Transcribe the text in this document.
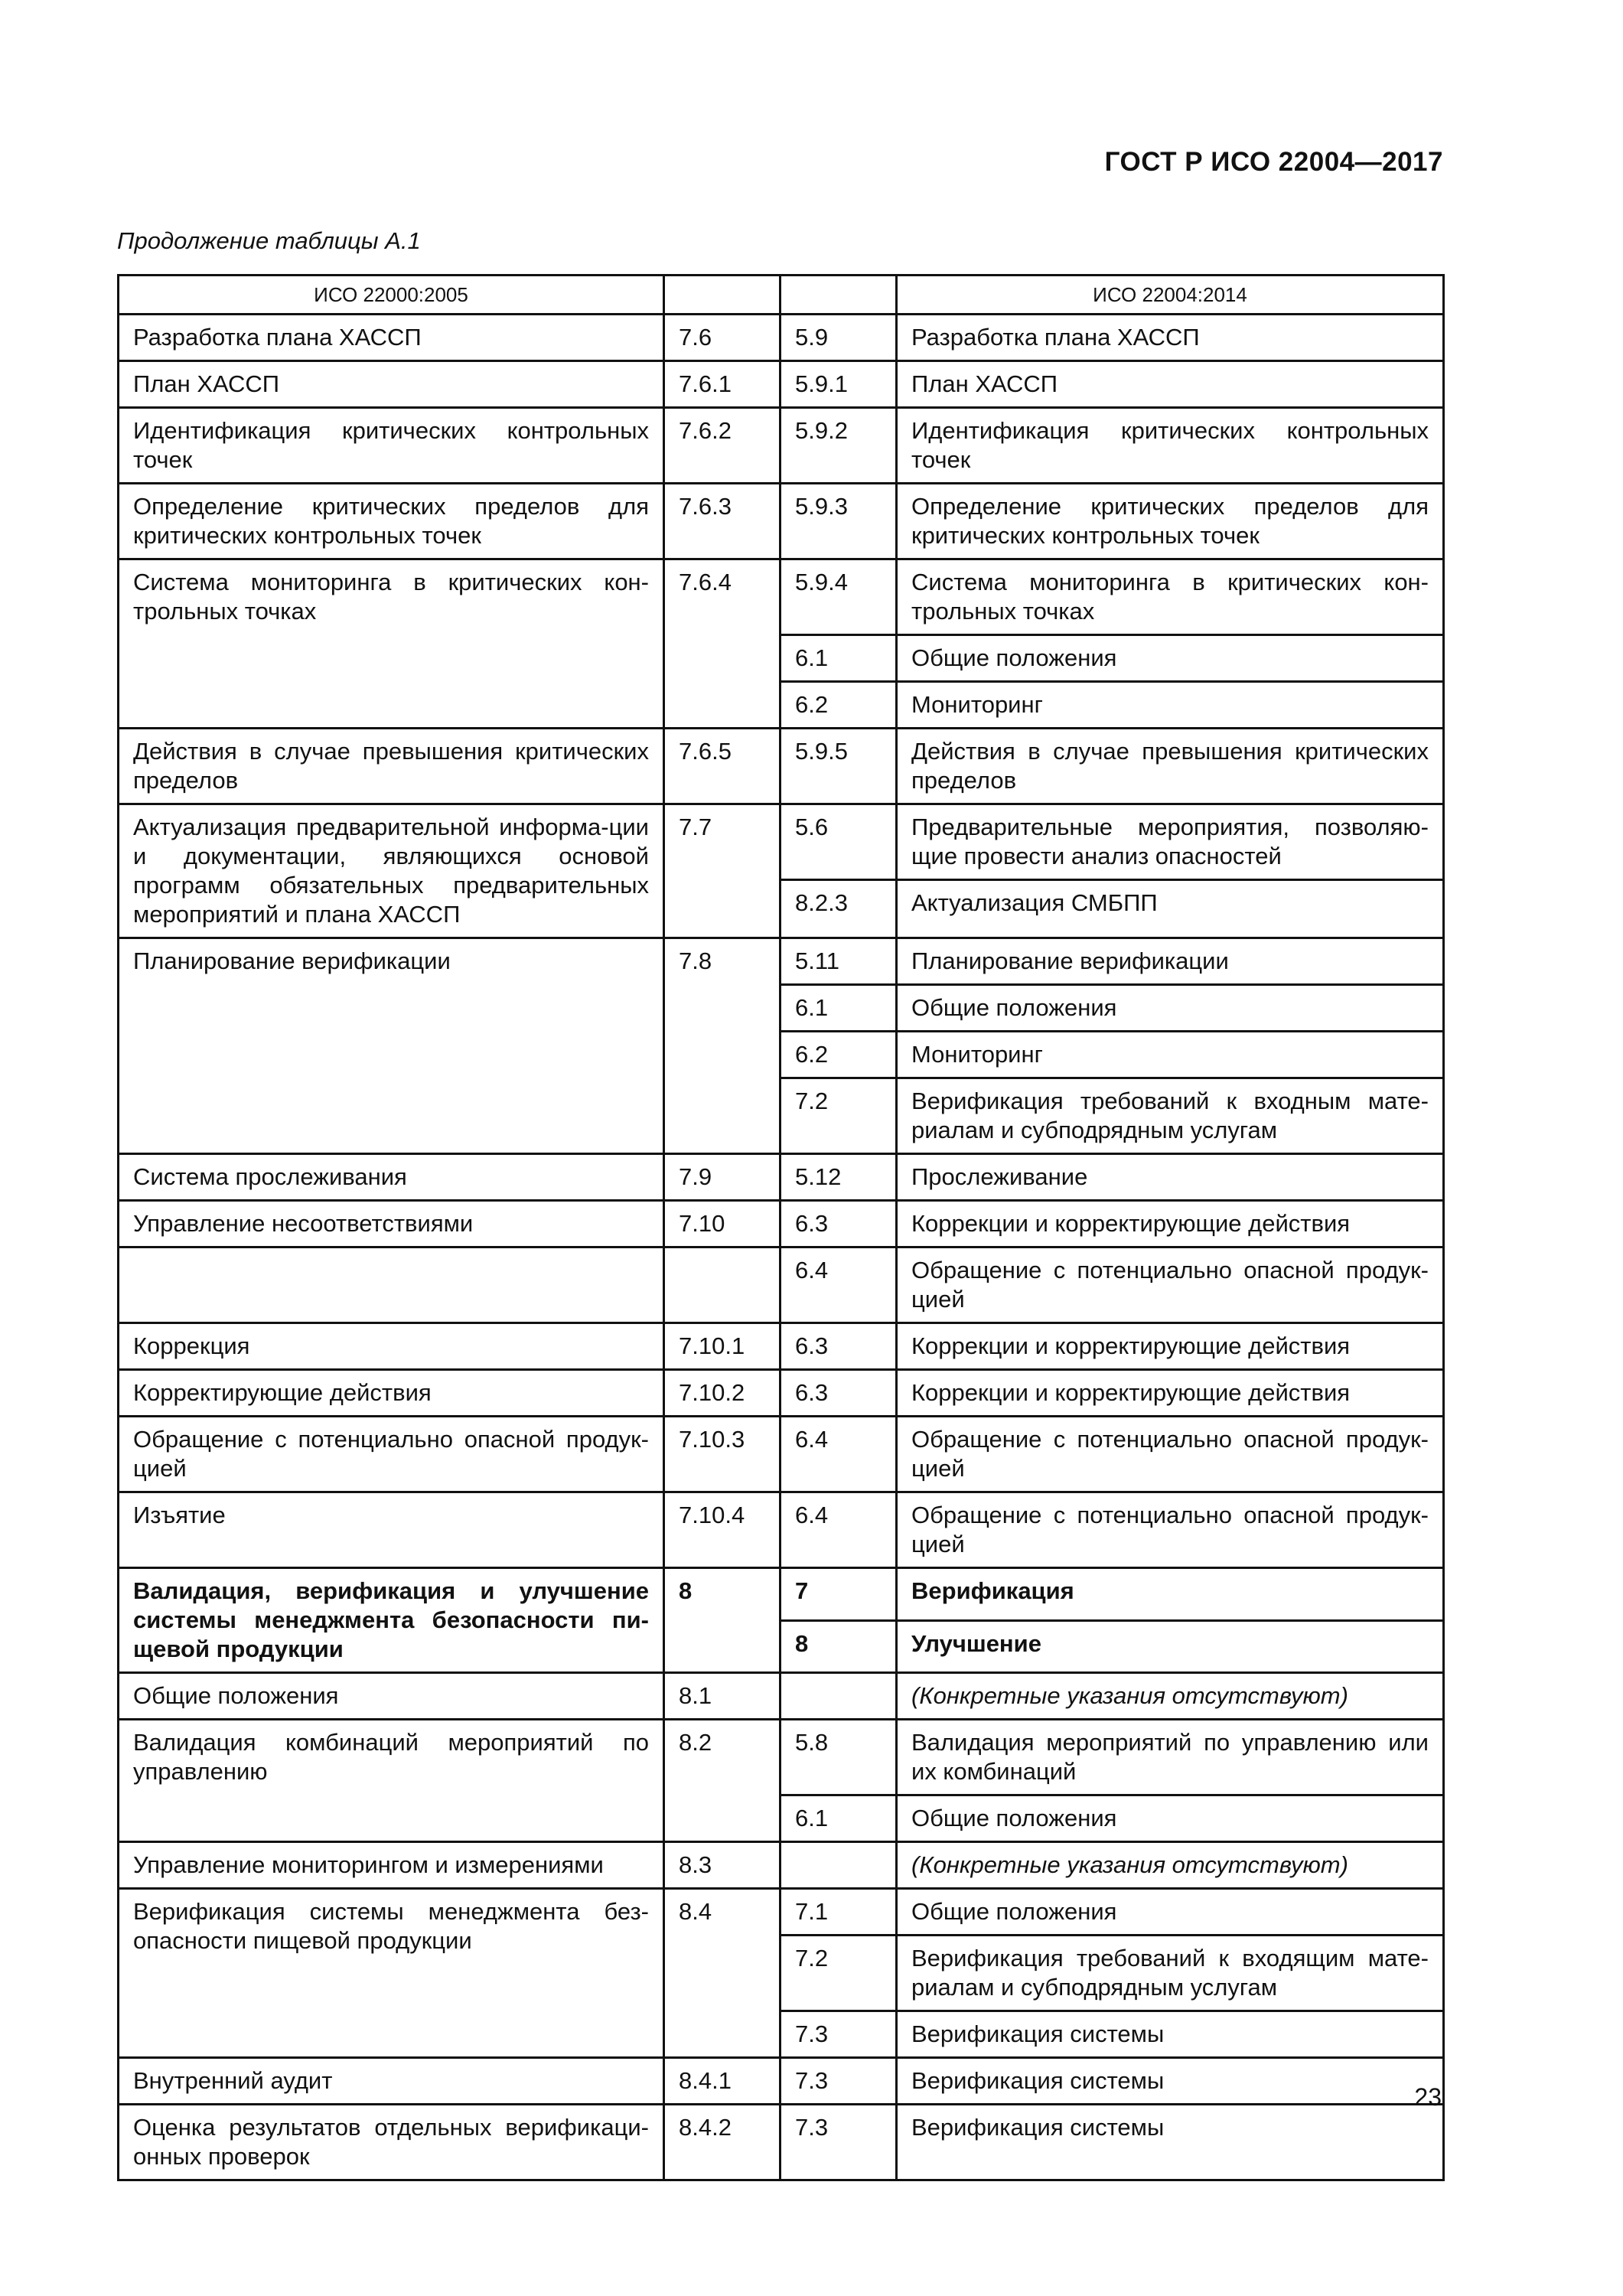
ГОСТ Р ИСО 22004—2017
Продолжение таблицы А.1
ИСО 22000:2005			ИСО 22004:2014
Разработка плана ХАССП	7.6	5.9	Разработка плана ХАССП
План ХАССП	7.6.1	5.9.1	План ХАССП
Идентификация критических контрольных точек	7.6.2	5.9.2	Идентификация критических контрольных точек
Определение критических пределов для критических контрольных точек	7.6.3	5.9.3	Определение критических пределов для критических контрольных точек
Система мониторинга в критических кон-трольных точках	7.6.4	5.9.4	Система мониторинга в критических кон-трольных точках
		6.1	Общие положения
		6.2	Мониторинг
Действия в случае превышения критических пределов	7.6.5	5.9.5	Действия в случае превышения критических пределов
Актуализация предварительной информа-ции и документации, являющихся основой программ обязательных предварительных мероприятий и плана ХАССП	7.7	5.6	Предварительные мероприятия, позволяю-щие провести анализ опасностей
		8.2.3	Актуализация СМБПП
Планирование верификации	7.8	5.11	Планирование верификации
		6.1	Общие положения
		6.2	Мониторинг
		7.2	Верификация требований к входным мате-риалам и субподрядным услугам
Система прослеживания	7.9	5.12	Прослеживание
Управление несоответствиями	7.10	6.3	Коррекции и корректирующие действия
		6.4	Обращение с потенциально опасной продук-цией
Коррекция	7.10.1	6.3	Коррекции и корректирующие действия
Корректирующие действия	7.10.2	6.3	Коррекции и корректирующие действия
Обращение с потенциально опасной продук-цией	7.10.3	6.4	Обращение с потенциально опасной продук-цией
Изъятие	7.10.4	6.4	Обращение с потенциально опасной продук-цией
Валидация, верификация и улучшение системы менеджмента безопасности пи-щевой продукции	8	7	Верификация
		8	Улучшение
Общие положения	8.1		(Конкретные указания отсутствуют)
Валидация комбинаций мероприятий по управлению	8.2	5.8	Валидация мероприятий по управлению или их комбинаций
		6.1	Общие положения
Управление мониторингом и измерениями	8.3		(Конкретные указания отсутствуют)
Верификация системы менеджмента без-опасности пищевой продукции	8.4	7.1	Общие положения
		7.2	Верификация требований к входящим мате-риалам и субподрядным услугам
		7.3	Верификация системы
Внутренний аудит	8.4.1	7.3	Верификация системы
Оценка результатов отдельных верификаци-онных проверок	8.4.2	7.3	Верификация системы
23
